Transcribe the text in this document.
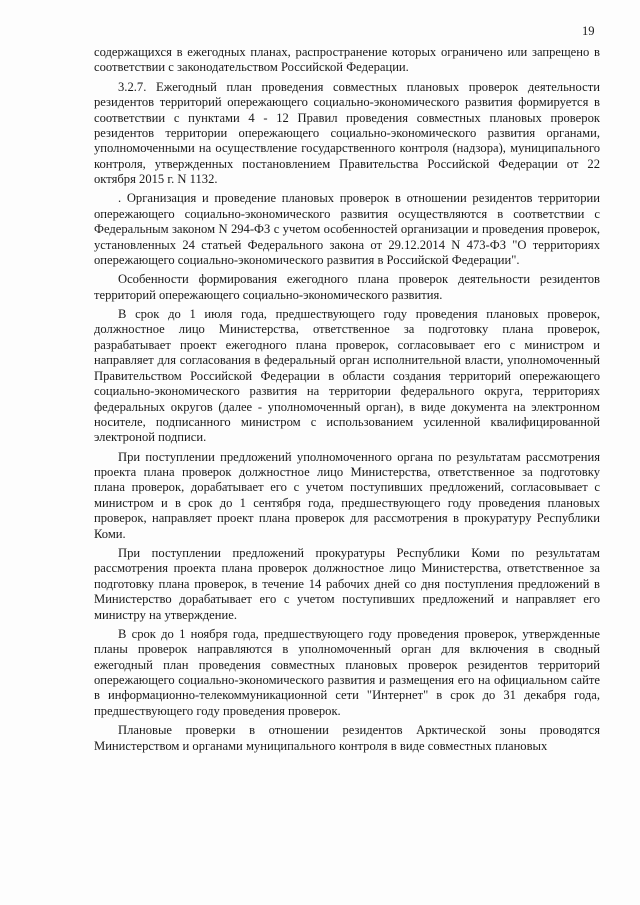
19

содержащихся в ежегодных планах, распространение которых ограничено или запрещено в соответствии с законодательством Российской Федерации.

3.2.7. Ежегодный план проведения совместных плановых проверок деятельности резидентов территорий опережающего социально-экономического развития формируется в соответствии с пунктами 4 - 12 Правил проведения совместных плановых проверок резидентов территории опережающего социально-экономического развития органами, уполномоченными на осуществление государственного контроля (надзора), муниципального контроля, утвержденных постановлением Правительства Российской Федерации от 22 октября 2015 г. N 1132.

. Организация и проведение плановых проверок в отношении резидентов территории опережающего социально-экономического развития осуществляются в соответствии с Федеральным законом N 294-ФЗ с учетом особенностей организации и проведения проверок, установленных 24 статьей Федерального закона от 29.12.2014 N 473-ФЗ "О территориях опережающего социально-экономического развития в Российской Федерации".

Особенности формирования ежегодного плана проверок деятельности резидентов территорий опережающего социально-экономического развития.

В срок до 1 июля года, предшествующего году проведения плановых проверок, должностное лицо Министерства, ответственное за подготовку плана проверок, разрабатывает проект ежегодного плана проверок, согласовывает его с министром и направляет для согласования в федеральный орган исполнительной власти, уполномоченный Правительством Российской Федерации в области создания территорий опережающего социально-экономического развития на территории федерального округа, территориях федеральных округов (далее - уполномоченный орган), в виде документа на электронном носителе, подписанного министром с использованием усиленной квалифицированной электроной подписи.

При поступлении предложений уполномоченного органа по результатам рассмотрения проекта плана проверок должностное лицо Министерства, ответственное за подготовку плана проверок, дорабатывает его с учетом поступивших предложений, согласовывает с министром и в срок до 1 сентября года, предшествующего году проведения плановых проверок, направляет проект плана проверок для рассмотрения в прокуратуру Республики Коми.

При поступлении предложений прокуратуры Республики Коми по результатам рассмотрения проекта плана проверок должностное лицо Министерства, ответственное за подготовку плана проверок, в течение 14 рабочих дней со дня поступления предложений в Министерство дорабатывает его с учетом поступивших предложений и направляет его министру на утверждение.

В срок до 1 ноября года, предшествующего году проведения проверок, утвержденные планы проверок направляются в уполномоченный орган для включения в сводный ежегодный план проведения совместных плановых проверок резидентов территорий опережающего социально-экономического развития и размещения его на официальном сайте в информационно-телекоммуникационной сети "Интернет" в срок до 31 декабря года, предшествующего году проведения проверок.

Плановые проверки в отношении резидентов Арктической зоны проводятся Министерством и органами муниципального контроля в виде совместных плановых
